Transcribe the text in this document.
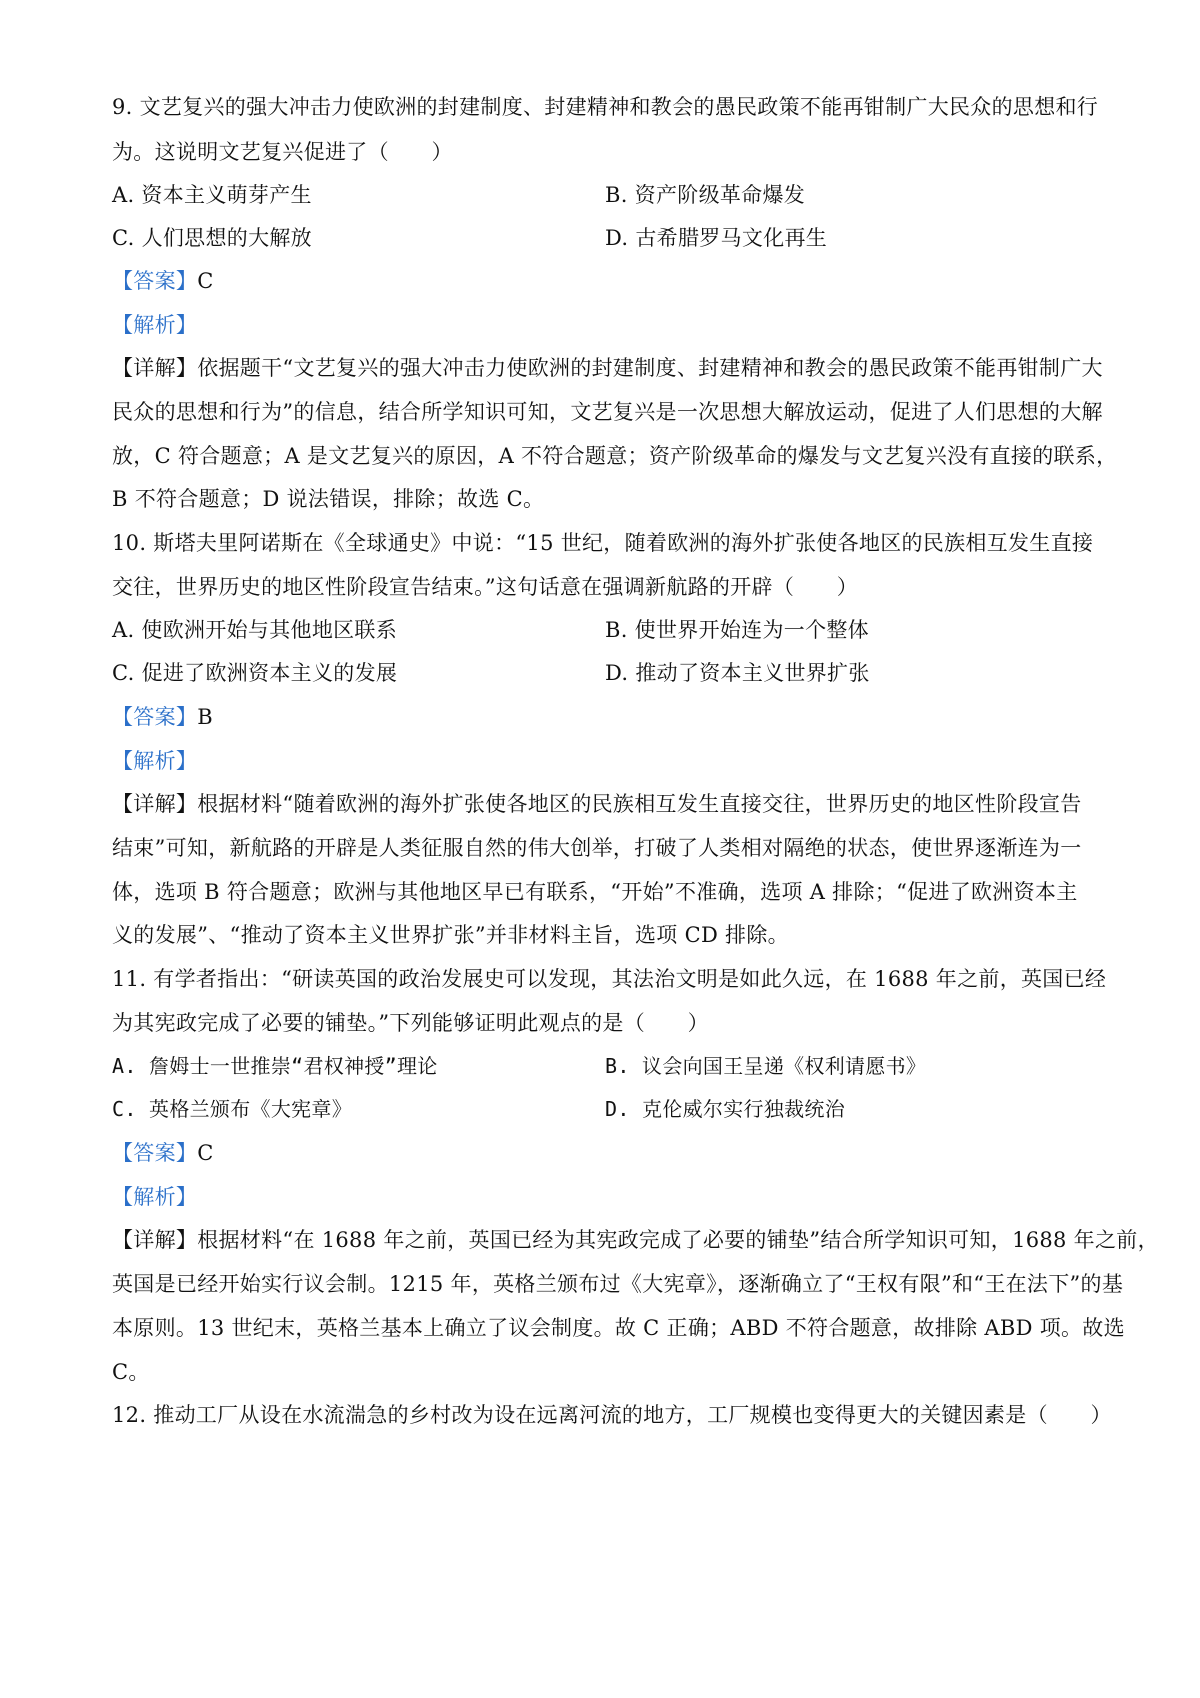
9. 文艺复兴的强大冲击力使欧洲的封建制度、封建精神和教会的愚民政策不能再钳制广大民众的思想和行
为。这说明文艺复兴促进了（　　）
A. 资本主义萌芽产生	B. 资产阶级革命爆发
C. 人们思想的大解放	D. 古希腊罗马文化再生
【答案】C
【解析】
【详解】依据题干“文艺复兴的强大冲击力使欧洲的封建制度、封建精神和教会的愚民政策不能再钳制广大
民众的思想和行为”的信息，结合所学知识可知，文艺复兴是一次思想大解放运动，促进了人们思想的大解
放，C 符合题意；A 是文艺复兴的原因，A 不符合题意；资产阶级革命的爆发与文艺复兴没有直接的联系，
B 不符合题意；D 说法错误，排除；故选 C。
10. 斯塔夫里阿诺斯在《全球通史》中说：“15 世纪，随着欧洲的海外扩张使各地区的民族相互发生直接
交往，世界历史的地区性阶段宣告结束。”这句话意在强调新航路的开辟（　　）
A. 使欧洲开始与其他地区联系	B. 使世界开始连为一个整体
C. 促进了欧洲资本主义的发展	D. 推动了资本主义世界扩张
【答案】B
【解析】
【详解】根据材料“随着欧洲的海外扩张使各地区的民族相互发生直接交往，世界历史的地区性阶段宣告
结束”可知，新航路的开辟是人类征服自然的伟大创举，打破了人类相对隔绝的状态，使世界逐渐连为一
体，选项 B 符合题意；欧洲与其他地区早已有联系，“开始”不准确，选项 A 排除；“促进了欧洲资本主
义的发展”、“推动了资本主义世界扩张”并非材料主旨，选项 CD 排除。
11. 有学者指出：“研读英国的政治发展史可以发现，其法治文明是如此久远，在 1688 年之前，英国已经
为其宪政完成了必要的铺垫。”下列能够证明此观点的是（　　）
A. 詹姆士一世推崇“君权神授”理论	B. 议会向国王呈递《权利请愿书》
C. 英格兰颁布《大宪章》	D. 克伦威尔实行独裁统治
【答案】C
【解析】
【详解】根据材料“在 1688 年之前，英国已经为其宪政完成了必要的铺垫”结合所学知识可知，1688 年之前，
英国是已经开始实行议会制。1215 年，英格兰颁布过《大宪章》，逐渐确立了“王权有限”和“王在法下”的基
本原则。13 世纪末，英格兰基本上确立了议会制度。故 C 正确；ABD 不符合题意，故排除 ABD 项。故选
C。
12. 推动工厂从设在水流湍急的乡村改为设在远离河流的地方，工厂规模也变得更大的关键因素是（　　）
